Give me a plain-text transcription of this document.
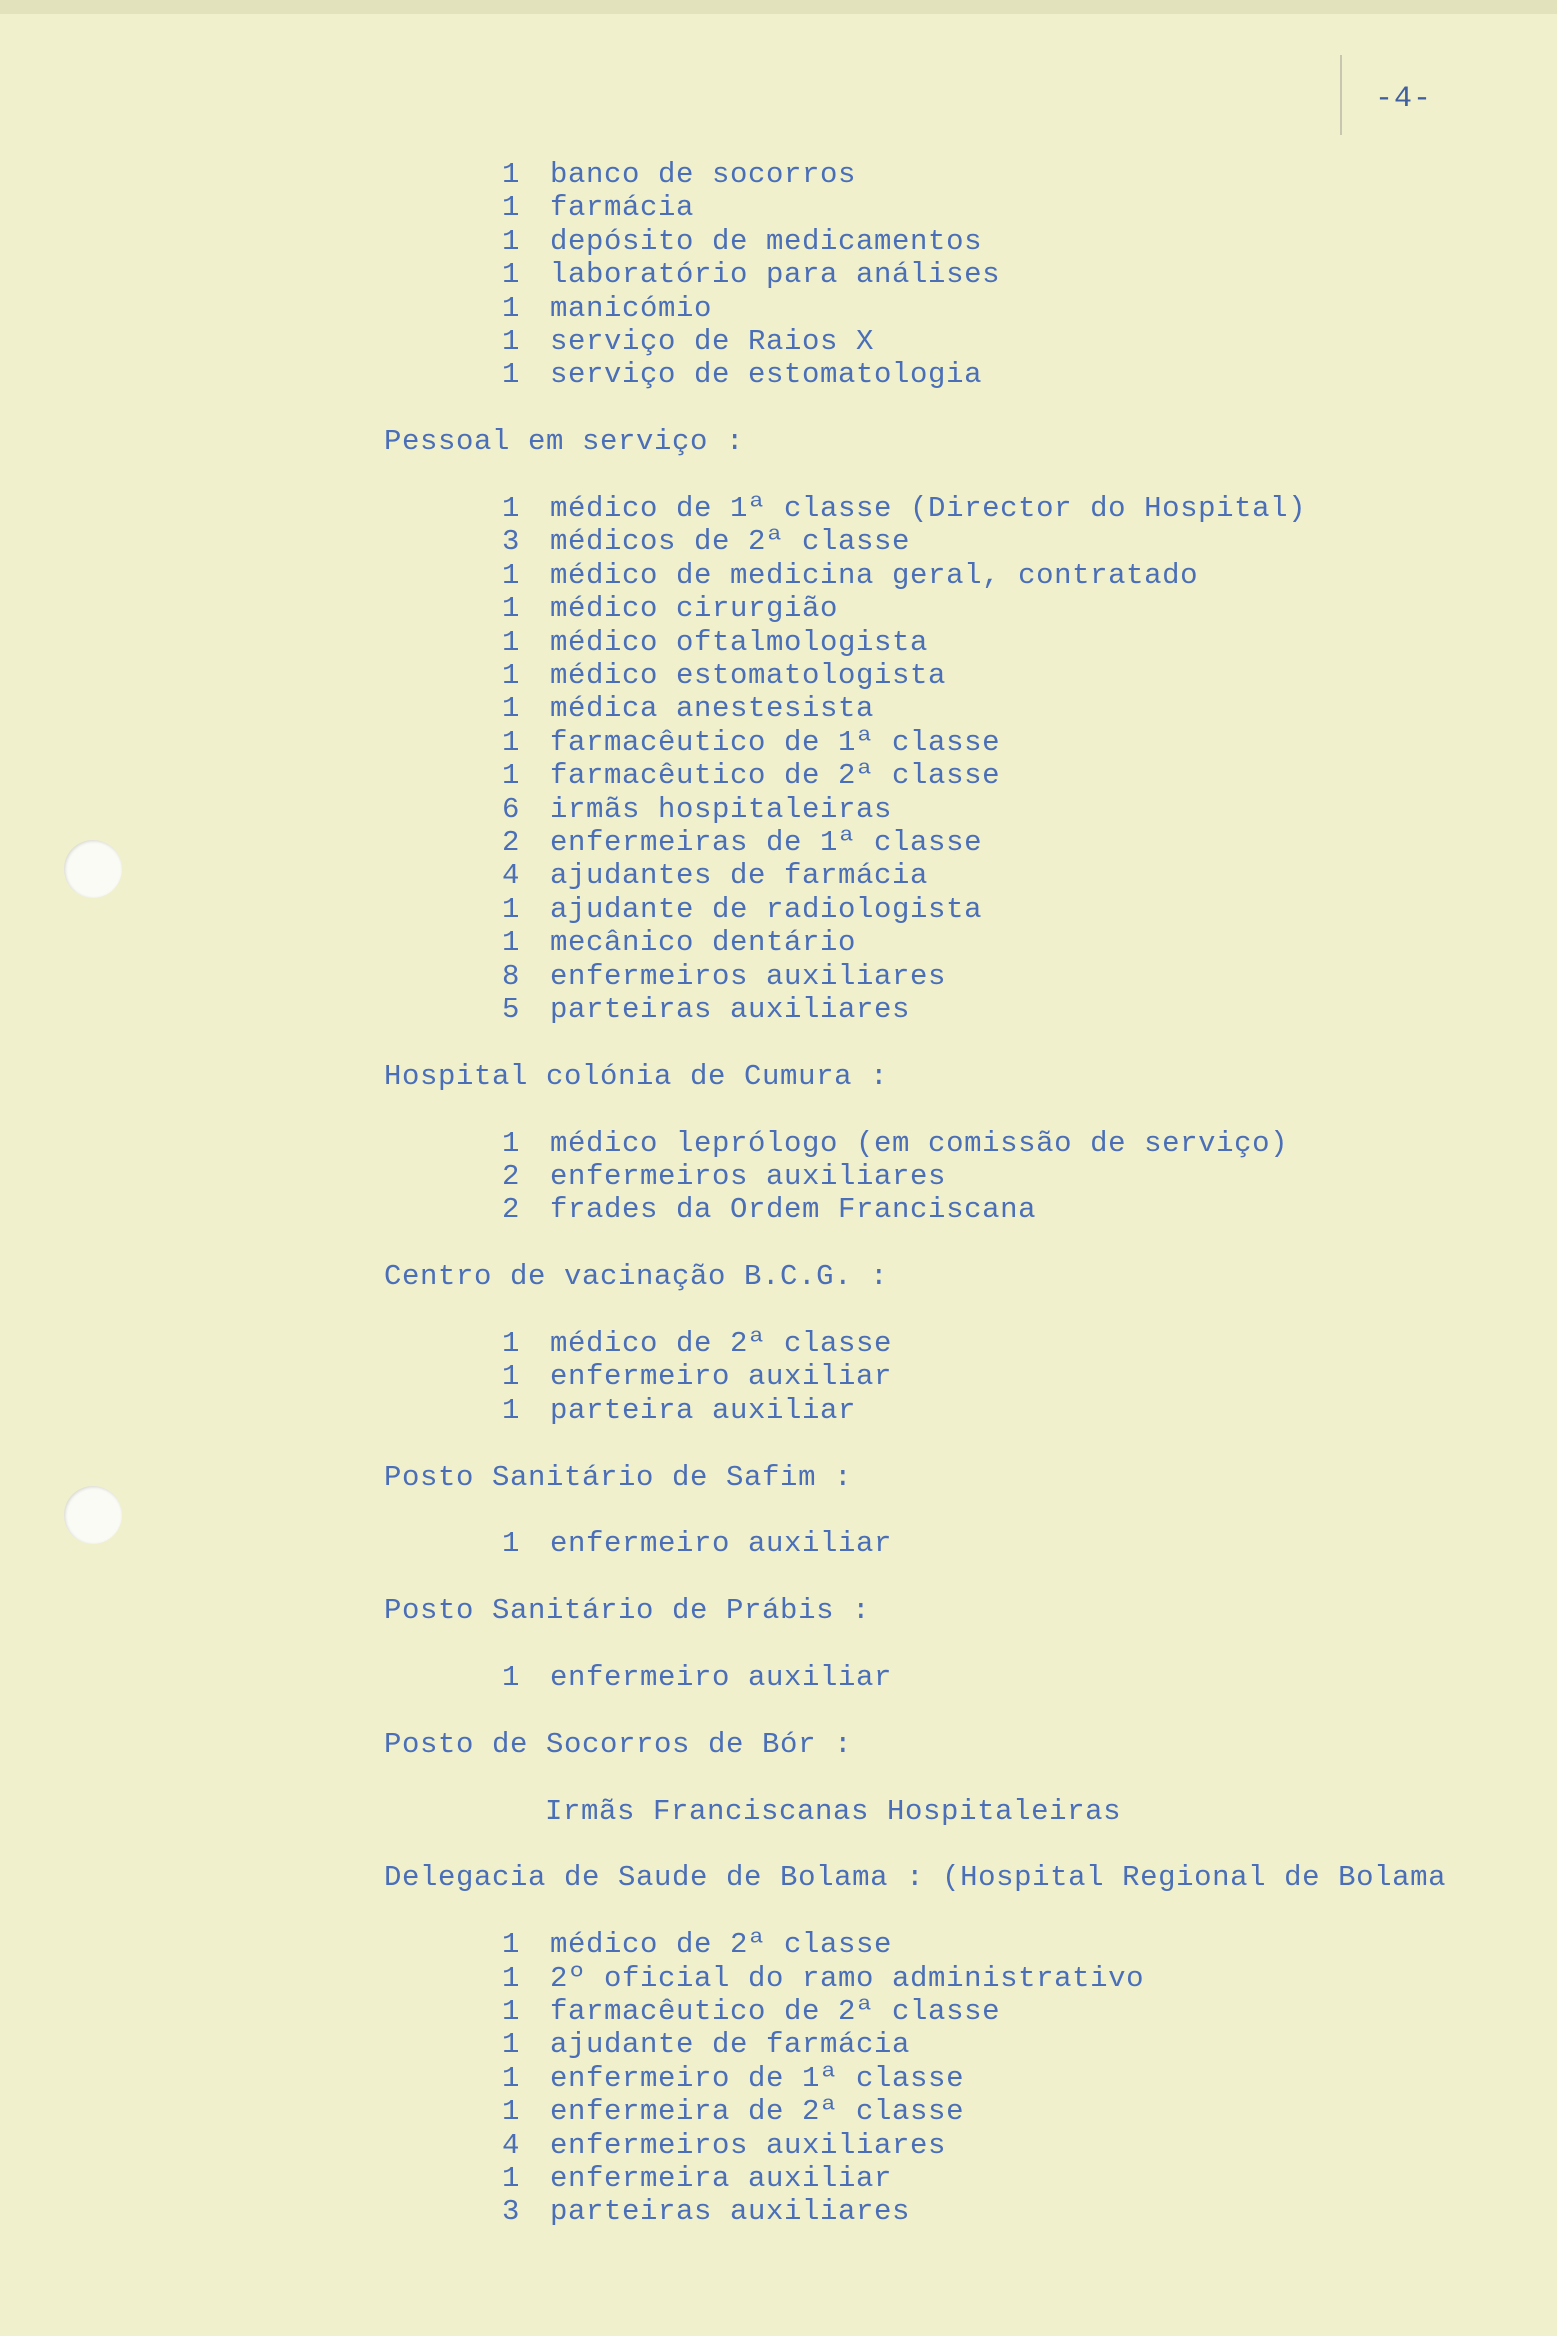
-4-
1 banco de socorros
1 farmácia
1 depósito de medicamentos
1 laboratório para análises
1 manicómio
1 serviço de Raios X
1 serviço de estomatologia
Pessoal em serviço :
1 médico de 1ª classe (Director do Hospital)
3 médicos de 2ª classe
1 médico de medicina geral, contratado
1 médico cirurgião
1 médico oftalmologista
1 médico estomatologista
1 médica anestesista
1 farmacêutico de 1ª classe
1 farmacêutico de 2ª classe
6 irmãs hospitaleiras
2 enfermeiras de 1ª classe
4 ajudantes de farmácia
1 ajudante de radiologista
1 mecânico dentário
8 enfermeiros auxiliares
5 parteiras auxiliares
Hospital colónia de Cumura :
1 médico leprólogo (em comissão de serviço)
2 enfermeiros auxiliares
2 frades da Ordem Franciscana
Centro de vacinação B.C.G. :
1 médico de 2ª classe
1 enfermeiro auxiliar
1 parteira auxiliar
Posto Sanitário de Safim :
1 enfermeiro auxiliar
Posto Sanitário de Prábis :
1 enfermeiro auxiliar
Posto de Socorros de Bór :
Irmãs Franciscanas Hospitaleiras
Delegacia de Saude de Bolama : (Hospital Regional de Bolama
1 médico de 2ª classe
1 2º oficial do ramo administrativo
1 farmacêutico de 2ª classe
1 ajudante de farmácia
1 enfermeiro de 1ª classe
1 enfermeira de 2ª classe
4 enfermeiros auxiliares
1 enfermeira auxiliar
3 parteiras auxiliares
